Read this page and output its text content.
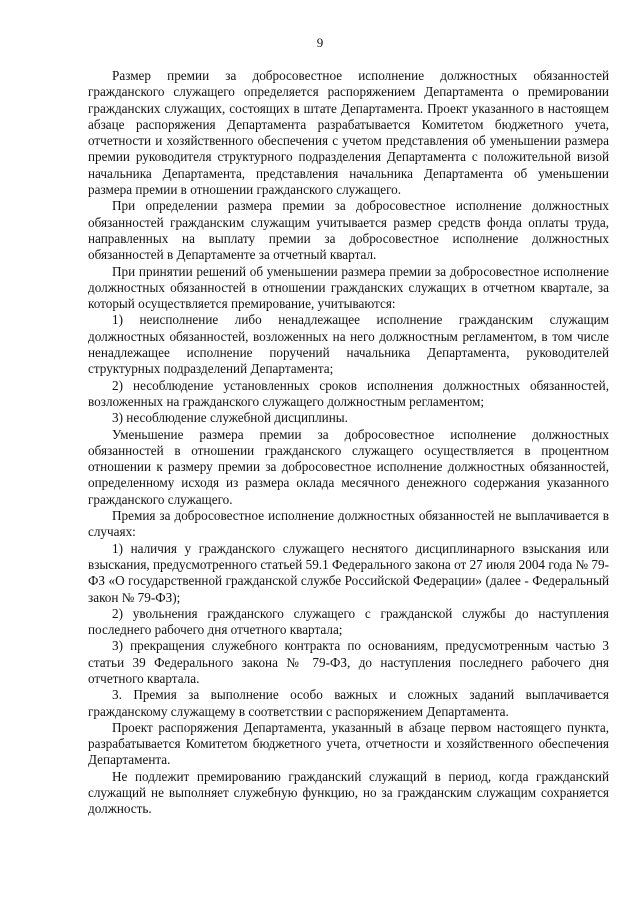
9

Размер премии за добросовестное исполнение должностных обязанностей гражданского служащего определяется распоряжением Департамента о премировании гражданских служащих, состоящих в штате Департамента. Проект указанного в настоящем абзаце распоряжения Департамента разрабатывается Комитетом бюджетного учета, отчетности и хозяйственного обеспечения с учетом представления об уменьшении размера премии руководителя структурного подразделения Департамента с положительной визой начальника Департамента, представления начальника Департамента об уменьшении размера премии в отношении гражданского служащего.

При определении размера премии за добросовестное исполнение должностных обязанностей гражданским служащим учитывается размер средств фонда оплаты труда, направленных на выплату премии за добросовестное исполнение должностных обязанностей в Департаменте за отчетный квартал.

При принятии решений об уменьшении размера премии за добросовестное исполнение должностных обязанностей в отношении гражданских служащих в отчетном квартале, за который осуществляется премирование, учитываются:

1) неисполнение либо ненадлежащее исполнение гражданским служащим должностных обязанностей, возложенных на него должностным регламентом, в том числе ненадлежащее исполнение поручений начальника Департамента, руководителей структурных подразделений Департамента;

2) несоблюдение установленных сроков исполнения должностных обязанностей, возложенных на гражданского служащего должностным регламентом;

3) несоблюдение служебной дисциплины.

Уменьшение размера премии за добросовестное исполнение должностных обязанностей в отношении гражданского служащего осуществляется в процентном отношении к размеру премии за добросовестное исполнение должностных обязанностей, определенному исходя из размера оклада месячного денежного содержания указанного гражданского служащего.

Премия за добросовестное исполнение должностных обязанностей не выплачивается в случаях:

1) наличия у гражданского служащего неснятого дисциплинарного взыскания или взыскания, предусмотренного статьей 59.1 Федерального закона от 27 июля 2004 года № 79-ФЗ «О государственной гражданской службе Российской Федерации» (далее - Федеральный закон № 79-ФЗ);

2) увольнения гражданского служащего с гражданской службы до наступления последнего рабочего дня отчетного квартала;

3) прекращения служебного контракта по основаниям, предусмотренным частью 3 статьи 39 Федерального закона № 79-ФЗ, до наступления последнего рабочего дня отчетного квартала.

3. Премия за выполнение особо важных и сложных заданий выплачивается гражданскому служащему в соответствии с распоряжением Департамента.

Проект распоряжения Департамента, указанный в абзаце первом настоящего пункта, разрабатывается Комитетом бюджетного учета, отчетности и хозяйственного обеспечения Департамента.

Не подлежит премированию гражданский служащий в период, когда гражданский служащий не выполняет служебную функцию, но за гражданским служащим сохраняется должность.
